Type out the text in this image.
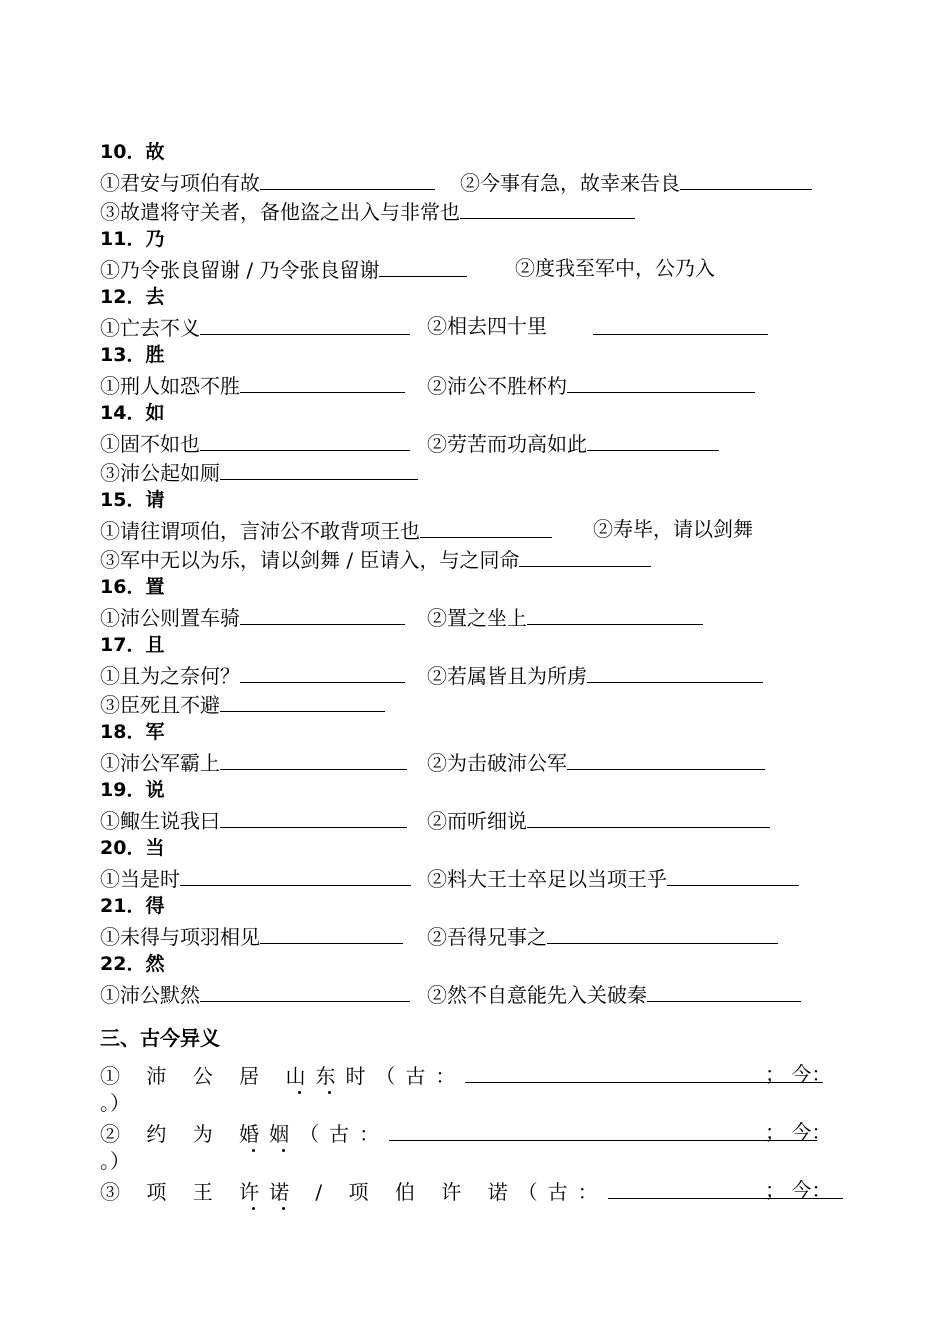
10．故
①君安与项伯有故	②今事有急，故幸来告良
③故遣将守关者，备他盗之出入与非常也
11．乃
①乃令张良留谢 / 乃令张良留谢	②度我至军中，公乃入
12．去
①亡去不义	②相去四十里
13．胜
①刑人如恐不胜	②沛公不胜杯杓
14．如
①固不如也	②劳苦而功高如此
③沛公起如厕
15．请
①请往谓项伯，言沛公不敢背项王也	②寿毕，请以剑舞
③军中无以为乐，请以剑舞 / 臣请入，与之同命
16．置
①沛公则置车骑	②置之坐上
17．且
①且为之奈何？	②若属皆且为所虏
③臣死且不避
18．军
①沛公军霸上	②为击破沛公军
19．说
①鲰生说我曰	②而听细说
20．当
①当是时	②料大王士卒足以当项王乎
21．得
①未得与项羽相见	②吾得兄事之
22．然
①沛公默然	②然不自意能先入关破秦
三、古今异义
① 沛 公 居 山
东
时（古：	； 今：
。）
② 约 为 婚
姻
（古：	； 今：
。）
③ 项 王 许
诺
/ 项 伯 许 诺（古：	； 今：
